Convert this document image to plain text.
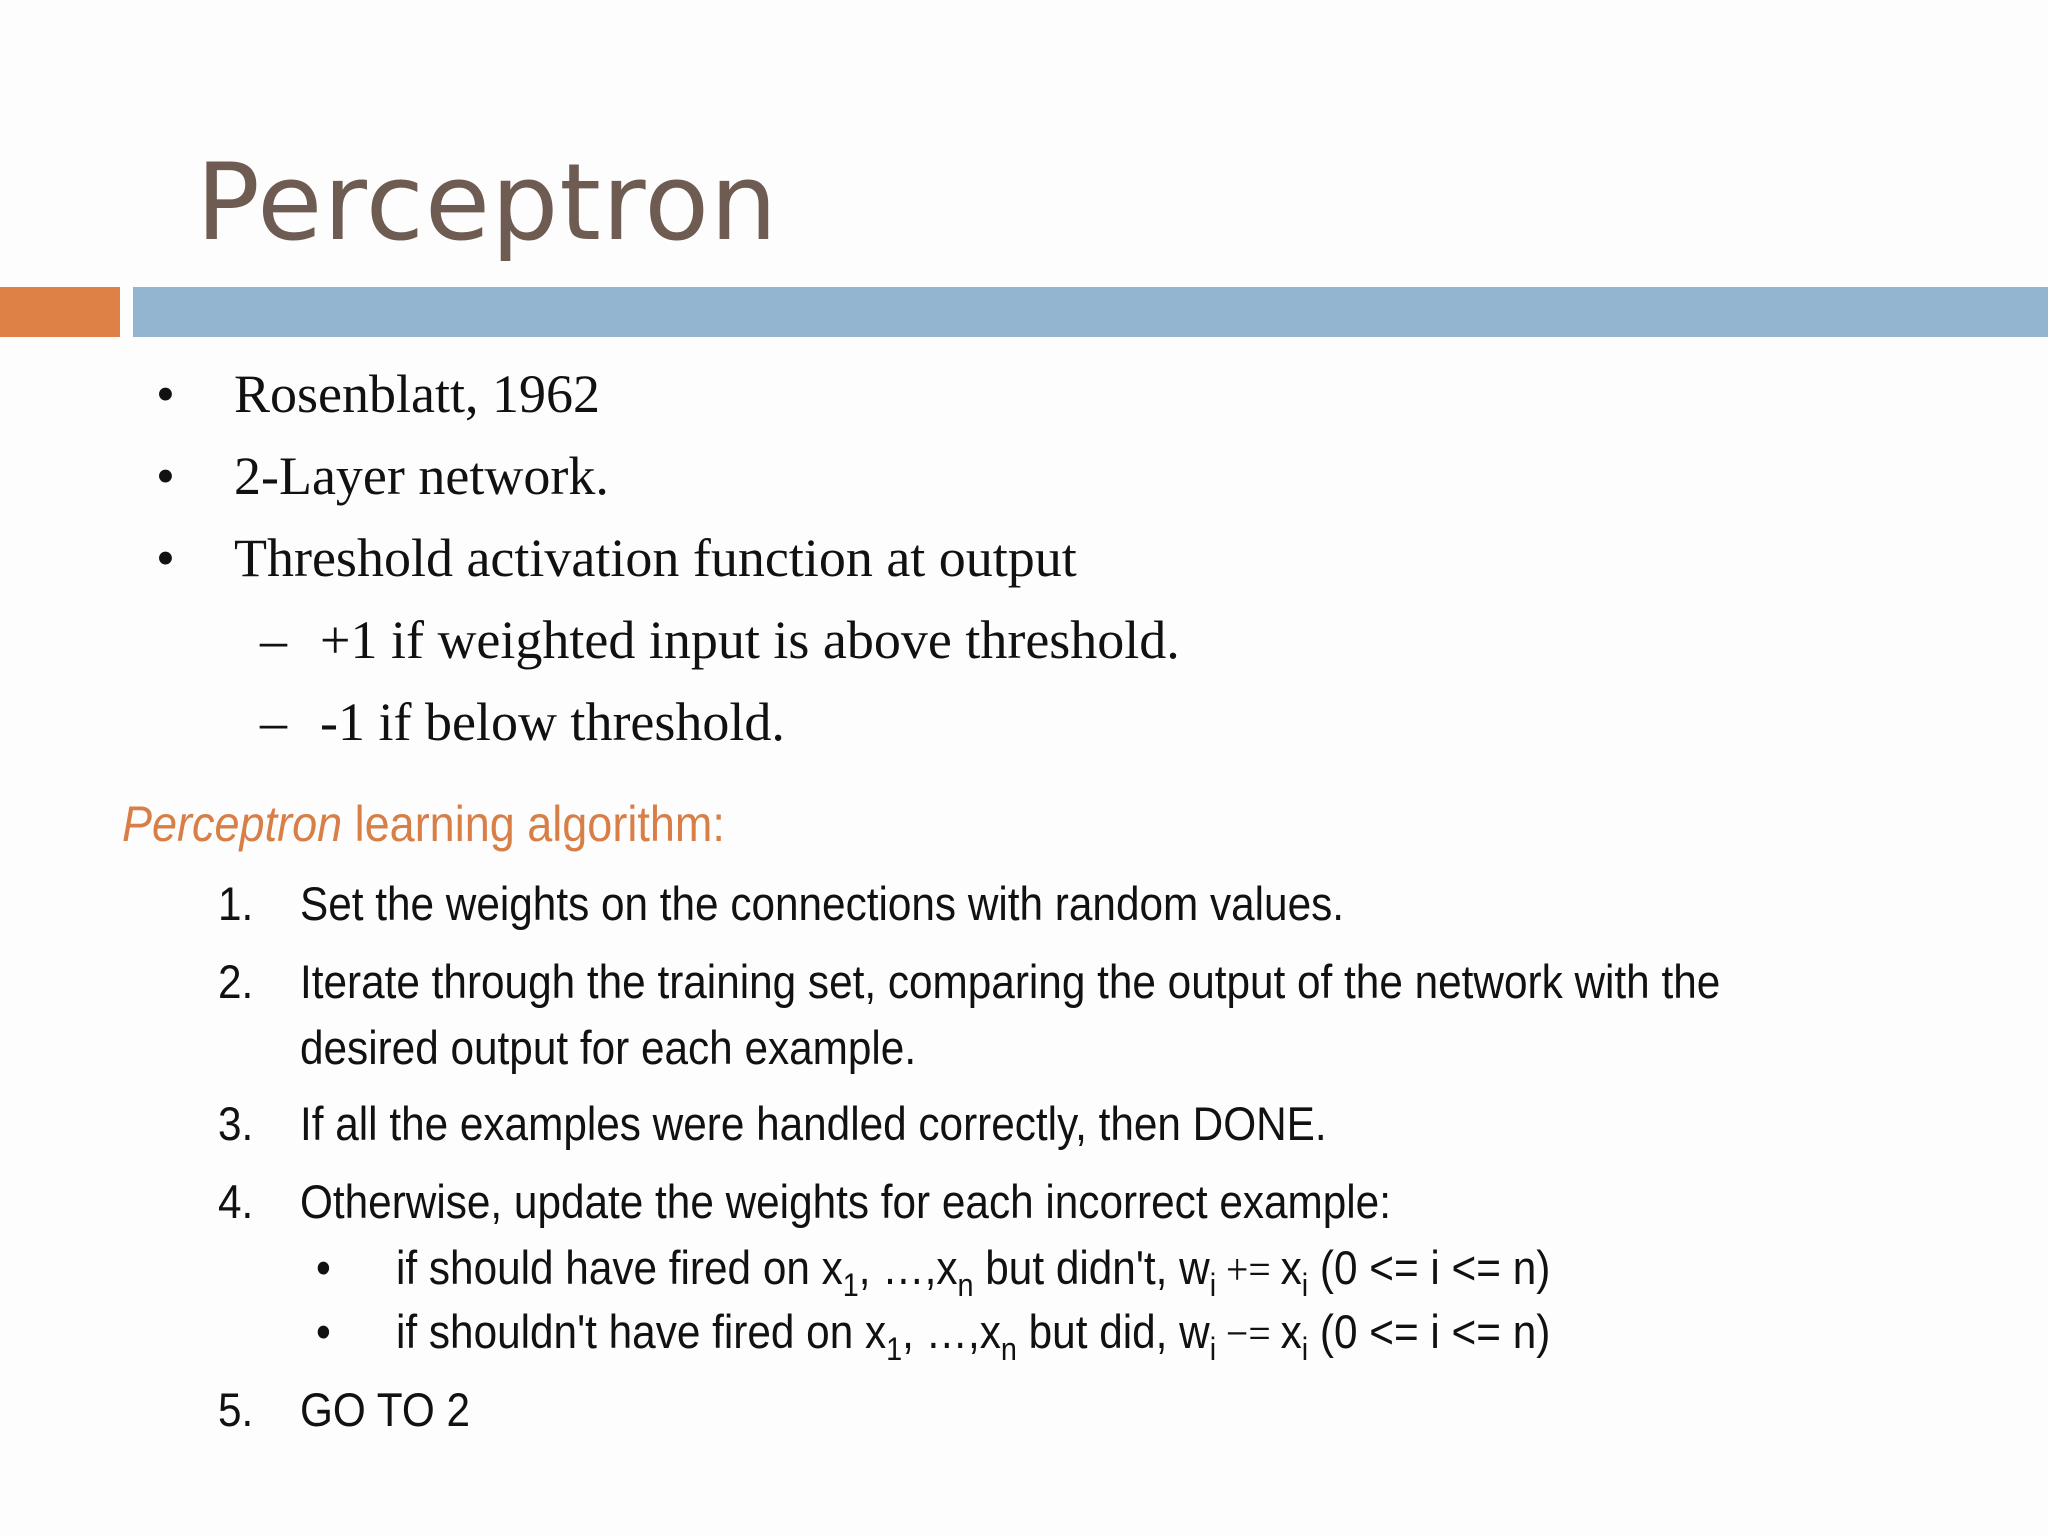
Perceptron
• Rosenblatt, 1962
• 2-Layer network.
• Threshold activation function at output
– +1 if weighted input is above threshold.
– -1 if below threshold.
Perceptron learning algorithm:
1. Set the weights on the connections with random values.
2. Iterate through the training set, comparing the output of the network with the
desired output for each example.
3. If all the examples were handled correctly, then DONE.
4. Otherwise, update the weights for each incorrect example:
• if should have fired on $x_1$, $\dots,x_n$ but didn't, $w_i += x_i$ (0 <= i <= n)
• if shouldn't have fired on $x_1$, $\dots,x_n$ but did, $w_i -= x_i$ (0 <= i <= n)
5. GO TO 2
